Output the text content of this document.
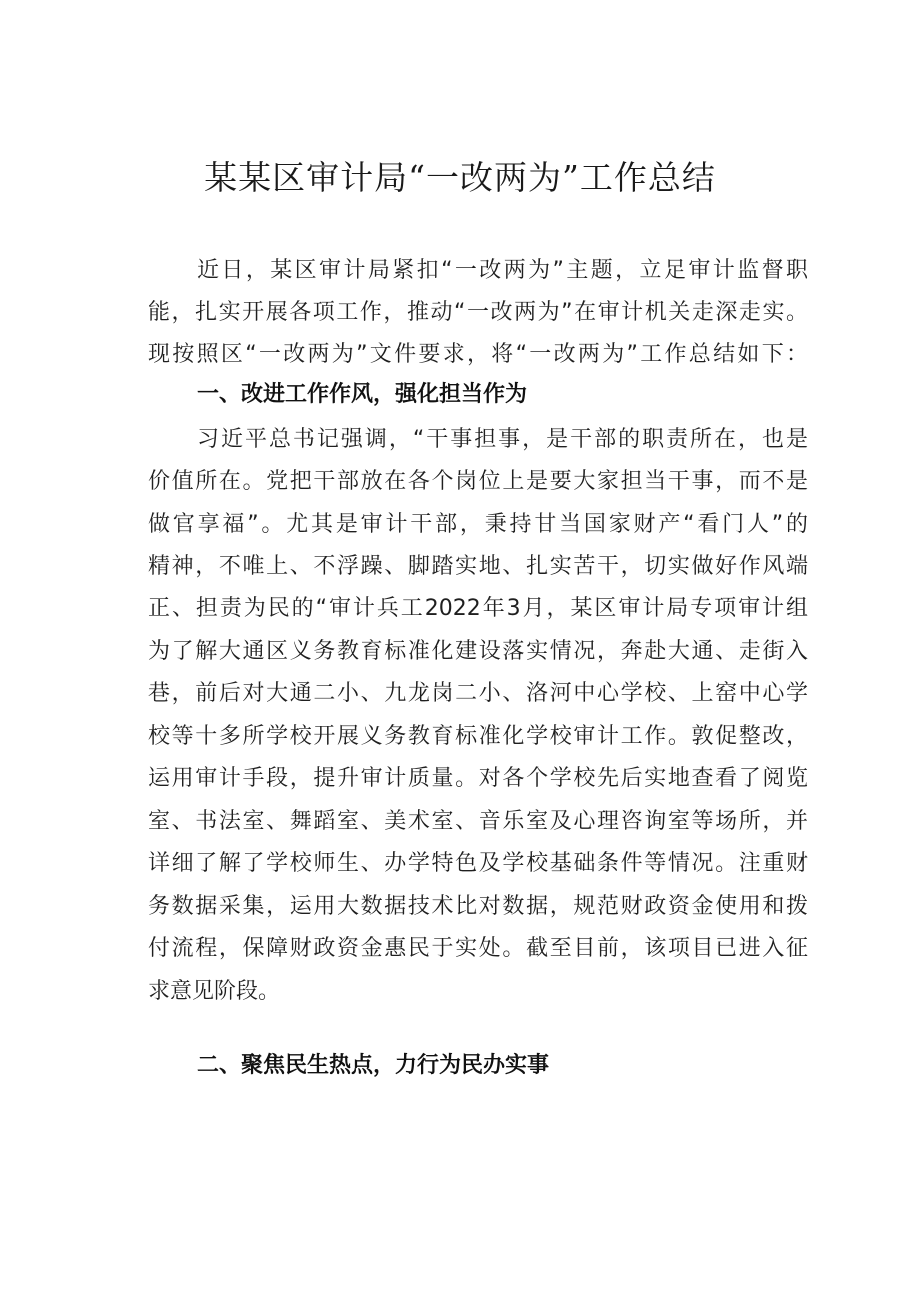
某某区审计局“一改两为”工作总结
近日，某区审计局紧扣“一改两为”主题，立足审计监督职
能，扎实开展各项工作，推动“一改两为”在审计机关走深走实。
现按照区“一改两为”文件要求，将“一改两为”工作总结如下：
一、改进工作作风，强化担当作为
习近平总书记强调，“干事担事，是干部的职责所在，也是
价值所在。党把干部放在各个岗位上是要大家担当干事，而不是
做官享福”。尤其是审计干部，秉持甘当国家财产“看门人”的
精神，不唯上、不浮躁、脚踏实地、扎实苦干，切实做好作风端
正、担责为民的“审计兵工2022年3月，某区审计局专项审计组
为了解大通区义务教育标准化建设落实情况，奔赴大通、走街入
巷，前后对大通二小、九龙岗二小、洛河中心学校、上窑中心学
校等十多所学校开展义务教育标准化学校审计工作。敦促整改，
运用审计手段，提升审计质量。对各个学校先后实地查看了阅览
室、书法室、舞蹈室、美术室、音乐室及心理咨询室等场所，并
详细了解了学校师生、办学特色及学校基础条件等情况。注重财
务数据采集，运用大数据技术比对数据，规范财政资金使用和拨
付流程，保障财政资金惠民于实处。截至目前，该项目已进入征
求意见阶段。
二、聚焦民生热点，力行为民办实事
